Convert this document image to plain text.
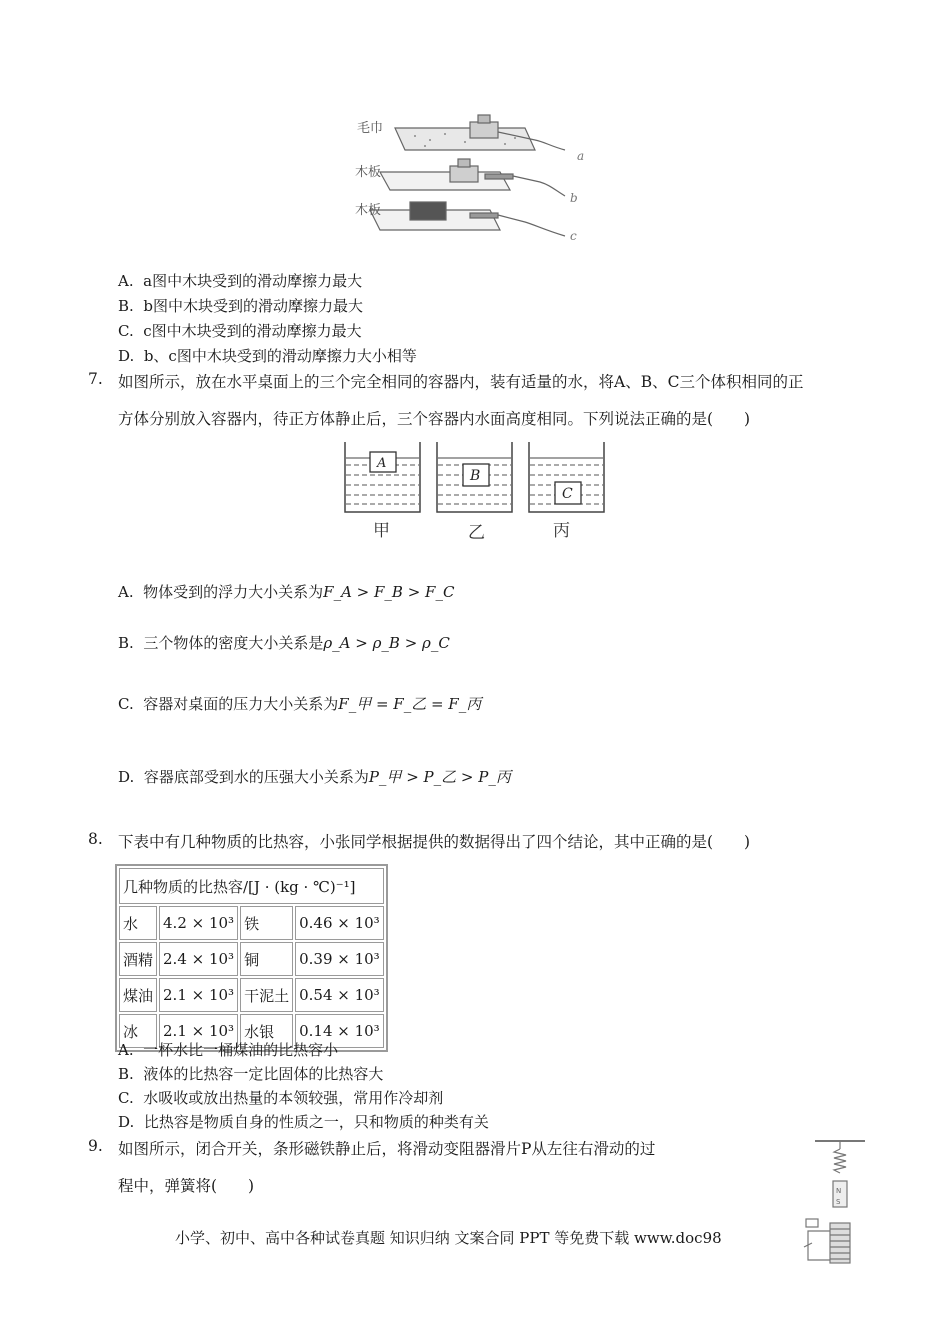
毛巾
木板
木板
a
b
c
A. a图中木块受到的滑动摩擦力最大
B. b图中木块受到的滑动摩擦力最大
C. c图中木块受到的滑动摩擦力最大
D. b、c图中木块受到的滑动摩擦力大小相等
7. 如图所示，放在水平桌面上的三个完全相同的容器内，装有适量的水，将A、B、C三个体积相同的正
方体分别放入容器内，待正方体静止后，三个容器内水面高度相同。下列说法正确的是(　　)
A
B
C
甲	乙	丙
A. 物体受到的浮力大小关系为F_A > F_B > F_C
B. 三个物体的密度大小关系是ρ_A > ρ_B > ρ_C
C. 容器对桌面的压力大小关系为F_甲 = F_乙 = F_丙
D. 容器底部受到水的压强大小关系为P_甲 > P_乙 > P_丙
8. 下表中有几种物质的比热容，小张同学根据提供的数据得出了四个结论，其中正确的是(　　)
几种物质的比热容/[J · (kg · ℃)⁻¹]			
水	4.2 × 10³	铁	0.46 × 10³
酒精	2.4 × 10³	铜	0.39 × 10³
煤油	2.1 × 10³	干泥土	0.54 × 10³
冰	2.1 × 10³	水银	0.14 × 10³
A. 一杯水比一桶煤油的比热容小
B. 液体的比热容一定比固体的比热容大
C. 水吸收或放出热量的本领较强，常用作冷却剂
D. 比热容是物质自身的性质之一，只和物质的种类有关
9. 如图所示，闭合开关，条形磁铁静止后，将滑动变阻器滑片P从左往右滑动的过
程中，弹簧将(　　)	N
S
小学、初中、高中各种试卷真题 知识归纳 文案合同 PPT 等免费下载 www.doc98
